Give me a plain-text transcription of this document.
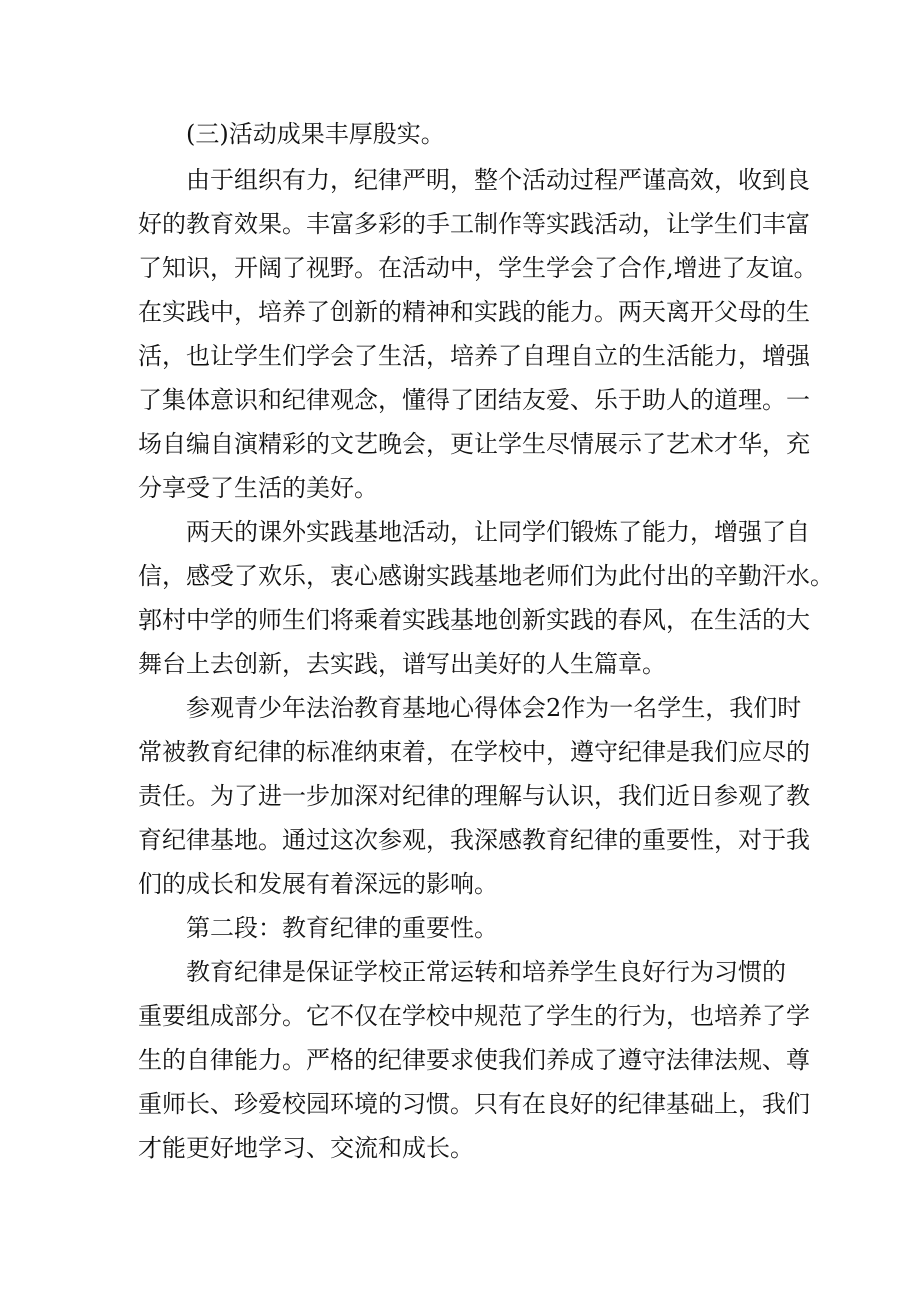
(三)活动成果丰厚殷实。
由于组织有力，纪律严明，整个活动过程严谨高效，收到良
好的教育效果。丰富多彩的手工制作等实践活动，让学生们丰富
了知识，开阔了视野。在活动中，学生学会了合作,增进了友谊。
在实践中，培养了创新的精神和实践的能力。两天离开父母的生
活，也让学生们学会了生活，培养了自理自立的生活能力，增强
了集体意识和纪律观念，懂得了团结友爱、乐于助人的道理。一
场自编自演精彩的文艺晚会，更让学生尽情展示了艺术才华，充
分享受了生活的美好。
两天的课外实践基地活动，让同学们锻炼了能力，增强了自
信，感受了欢乐，衷心感谢实践基地老师们为此付出的辛勤汗水。
郭村中学的师生们将乘着实践基地创新实践的春风，在生活的大
舞台上去创新，去实践，谱写出美好的人生篇章。
参观青少年法治教育基地心得体会2作为一名学生，我们时
常被教育纪律的标准纳束着，在学校中，遵守纪律是我们应尽的
责任。为了进一步加深对纪律的理解与认识，我们近日参观了教
育纪律基地。通过这次参观，我深感教育纪律的重要性，对于我
们的成长和发展有着深远的影响。
第二段：教育纪律的重要性。
教育纪律是保证学校正常运转和培养学生良好行为习惯的
重要组成部分。它不仅在学校中规范了学生的行为，也培养了学
生的自律能力。严格的纪律要求使我们养成了遵守法律法规、尊
重师长、珍爱校园环境的习惯。只有在良好的纪律基础上，我们
才能更好地学习、交流和成长。
